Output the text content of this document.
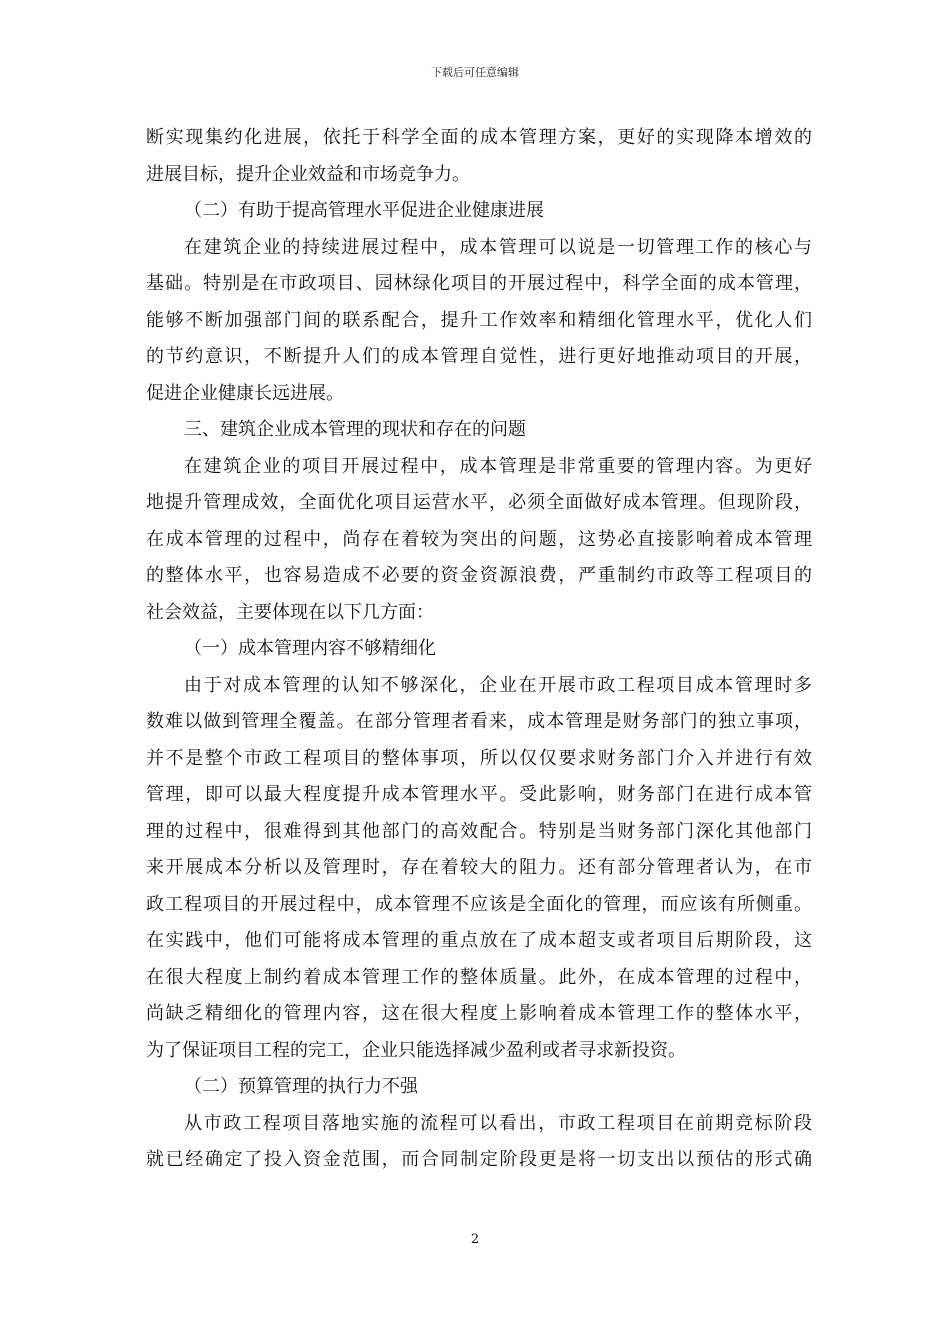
下载后可任意编辑
断实现集约化进展，依托于科学全面的成本管理方案，更好的实现降本增效的
进展目标，提升企业效益和市场竞争力。
（二）有助于提高管理水平促进企业健康进展
在建筑企业的持续进展过程中，成本管理可以说是一切管理工作的核心与
基础。特别是在市政项目、园林绿化项目的开展过程中，科学全面的成本管理，
能够不断加强部门间的联系配合，提升工作效率和精细化管理水平，优化人们
的节约意识，不断提升人们的成本管理自觉性，进行更好地推动项目的开展，
促进企业健康长远进展。
三、建筑企业成本管理的现状和存在的问题
在建筑企业的项目开展过程中，成本管理是非常重要的管理内容。为更好
地提升管理成效，全面优化项目运营水平，必须全面做好成本管理。但现阶段，
在成本管理的过程中，尚存在着较为突出的问题，这势必直接影响着成本管理
的整体水平，也容易造成不必要的资金资源浪费，严重制约市政等工程项目的
社会效益，主要体现在以下几方面：
（一）成本管理内容不够精细化
由于对成本管理的认知不够深化，企业在开展市政工程项目成本管理时多
数难以做到管理全覆盖。在部分管理者看来，成本管理是财务部门的独立事项，
并不是整个市政工程项目的整体事项，所以仅仅要求财务部门介入并进行有效
管理，即可以最大程度提升成本管理水平。受此影响，财务部门在进行成本管
理的过程中，很难得到其他部门的高效配合。特别是当财务部门深化其他部门
来开展成本分析以及管理时，存在着较大的阻力。还有部分管理者认为，在市
政工程项目的开展过程中，成本管理不应该是全面化的管理，而应该有所侧重。
在实践中，他们可能将成本管理的重点放在了成本超支或者项目后期阶段，这
在很大程度上制约着成本管理工作的整体质量。此外，在成本管理的过程中，
尚缺乏精细化的管理内容，这在很大程度上影响着成本管理工作的整体水平，
为了保证项目工程的完工，企业只能选择减少盈利或者寻求新投资。
（二）预算管理的执行力不强
从市政工程项目落地实施的流程可以看出，市政工程项目在前期竞标阶段
就已经确定了投入资金范围，而合同制定阶段更是将一切支出以预估的形式确
2
